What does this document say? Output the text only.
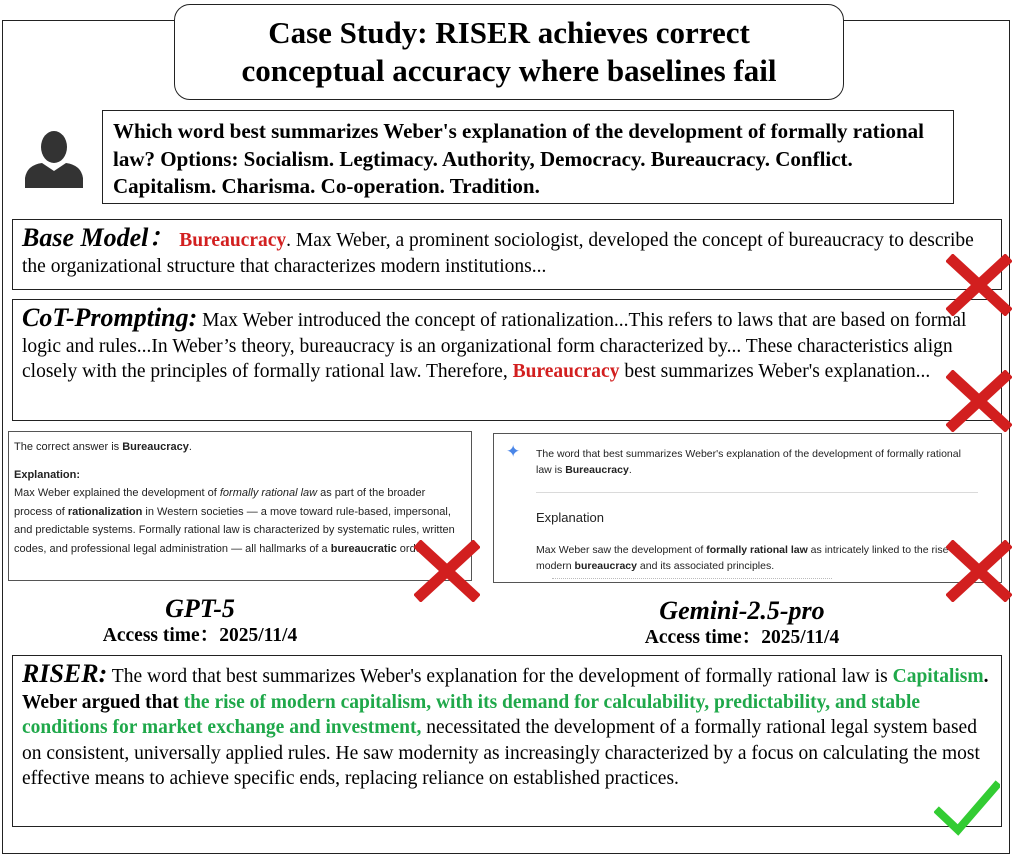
Case Study: RISER achieves correct
conceptual accuracy where baselines fail
Which word best summarizes Weber's explanation of the development of formally rational law? Options: Socialism. Legtimacy. Authority, Democracy. Bureaucracy. Conflict. Capitalism. Charisma. Co-operation. Tradition.
Base Model： Bureaucracy. Max Weber, a prominent sociologist, developed the concept of bureaucracy to describe the organizational structure that characterizes modern institutions...
CoT-Prompting: Max Weber introduced the concept of rationalization...This refers to laws that are based on formal logic and rules...In Weber’s theory, bureaucracy is an organizational form characterized by... These characteristics align closely with the principles of formally rational law. Therefore, Bureaucracy best summarizes Weber's explanation...

The correct answer is Bureaucracy.

Explanation:

Max Weber explained the development of formally rational law as part of the broader process of rationalization in Western societies — a move toward rule-based, impersonal, and predictable systems. Formally rational law is characterized by systematic rules, written codes, and professional legal administration — all hallmarks of a bureaucratic order.

✦ The word that best summarizes Weber's explanation of the development of formally rational law is Bureaucracy.
Explanation
Max Weber saw the development of formally rational law as intricately linked to the rise of modern bureaucracy and its associated principles.
GPT-5
Access time：2025/11/4
Gemini-2.5-pro
Access time：2025/11/4
RISER: The word that best summarizes Weber's explanation for the development of formally rational law is Capitalism. Weber argued that the rise of modern capitalism, with its demand for calculability, predictability, and stable conditions for market exchange and investment, necessitated the development of a formally rational legal system based on consistent, universally applied rules. He saw modernity as increasingly characterized by a focus on calculating the most effective means to achieve specific ends, replacing reliance on established practices.
